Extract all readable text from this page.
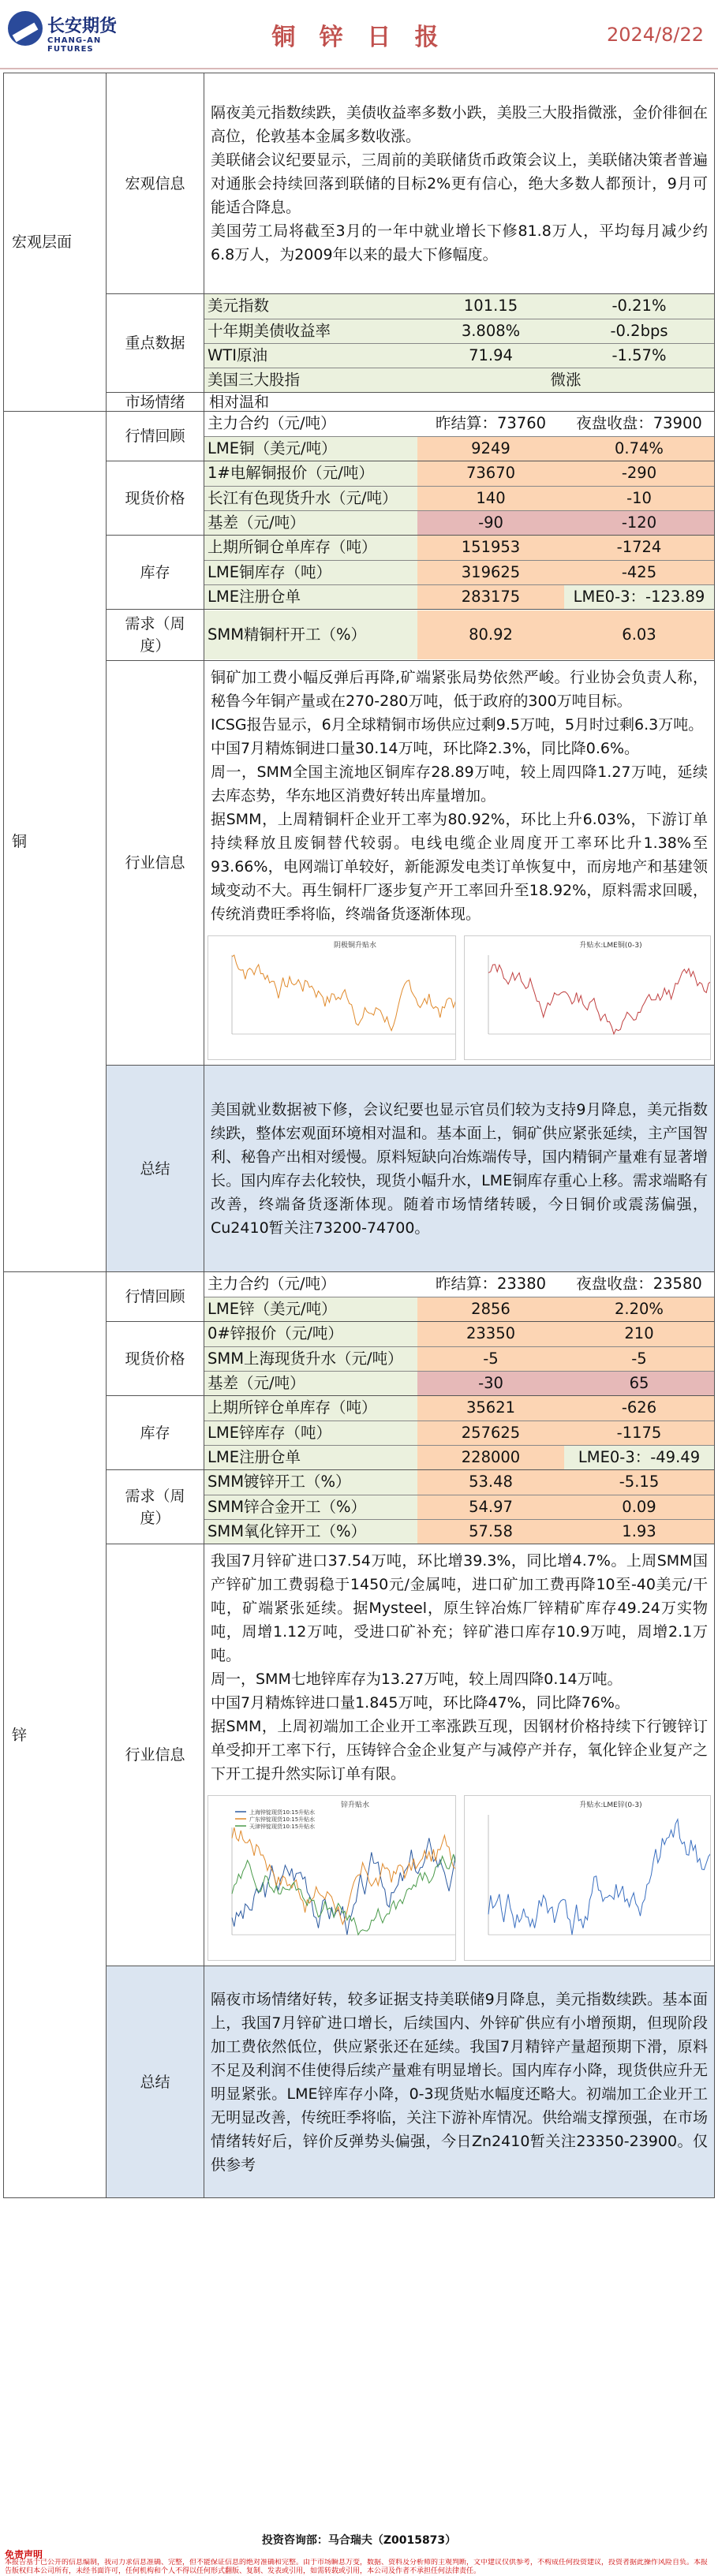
长安期货
CHANG-AN FUTURES	铜 锌 日 报	2024/8/22
宏观层面	宏观信息	隔夜美元指数续跌，美债收益率多数小跌，美股三大股指微涨，金价徘徊在高位，伦敦基本金属多数收涨。
美联储会议纪要显示，三周前的美联储货币政策会议上，美联储决策者普遍对通胀会持续回落到联储的目标2%更有信心，绝大多数人都预计，9月可能适合降息。
美国劳工局将截至3月的一年中就业增长下修81.8万人，平均每月减少约6.8万人，为2009年以来的最大下修幅度。
重点数据	
美元指数	101.15	-0.21%
十年期美债收益率	3.808%	-0.2bps
WTI原油	71.94	-1.57%
美国三大股指	微涨

市场情绪	相对温和
铜	行情回顾	
主力合约（元/吨）	昨结算：73760	夜盘收盘：73900
LME铜（美元/吨）	9249	0.74%

现货价格	
1#电解铜报价（元/吨）	73670	-290
长江有色现货升水（元/吨）	140	-10
基差（元/吨）	-90	-120

库存	
上期所铜仓单库存（吨）	151953	-1724
LME铜库存（吨）	319625	-425
LME注册仓单	283175	LME0-3：-123.89

需求（周度）	
SMM精铜杆开工（%）	80.92	6.03

行业信息	铜矿加工费小幅反弹后再降,矿端紧张局势依然严峻。行业协会负责人称，秘鲁今年铜产量或在270-280万吨，低于政府的300万吨目标。
ICSG报告显示，6月全球精铜市场供应过剩9.5万吨，5月时过剩6.3万吨。
中国7月精炼铜进口量30.14万吨，环比降2.3%，同比降0.6%。
周一，SMM全国主流地区铜库存28.89万吨，较上周四降1.27万吨，延续去库态势，华东地区消费好转出库量增加。
据SMM，上周精铜杆企业开工率为80.92%，环比上升6.03%，下游订单持续释放且废铜替代较弱。电线电缆企业周度开工率环比升1.38%至93.66%，电网端订单较好，新能源发电类订单恢复中，而房地产和基建领域变动不大。再生铜杆厂逐步复产开工率回升至18.92%，原料需求回暖，传统消费旺季将临，终端备货逐渐体现。

阴极铜升贴水	升贴水:LME铜(0-3)

总结	美国就业数据被下修，会议纪要也显示官员们较为支持9月降息，美元指数续跌，整体宏观面环境相对温和。基本面上，铜矿供应紧张延续，主产国智利、秘鲁产出相对缓慢。原料短缺向冶炼端传导，国内精铜产量难有显著增长。国内库存去化较快，现货小幅升水，LME铜库存重心上移。需求端略有改善，终端备货逐渐体现。随着市场情绪转暖，今日铜价或震荡偏强，Cu2410暂关注73200-74700。
锌	行情回顾	
主力合约（元/吨）	昨结算：23380	夜盘收盘：23580
LME锌（美元/吨）	2856	2.20%

现货价格	
0#锌报价（元/吨）	23350	210
SMM上海现货升水（元/吨）	-5	-5
基差（元/吨）	-30	65

库存	
上期所锌仓单库存（吨）	35621	-626
LME锌库存（吨）	257625	-1175
LME注册仓单	228000	LME0-3：-49.49

需求（周度）	
SMM镀锌开工（%）	53.48	-5.15
SMM锌合金开工（%）	54.97	0.09
SMM氧化锌开工（%）	57.58	1.93

行业信息	我国7月锌矿进口37.54万吨，环比增39.3%，同比增4.7%。上周SMM国产锌矿加工费弱稳于1450元/金属吨，进口矿加工费再降10至-40美元/干吨，矿端紧张延续。据Mysteel，原生锌冶炼厂锌精矿库存49.24万实物吨，周增1.12万吨，受进口矿补充；锌矿港口库存10.9万吨，周增2.1万吨。
周一，SMM七地锌库存为13.27万吨，较上周四降0.14万吨。
中国7月精炼锌进口量1.845万吨，环比降47%，同比降76%。
据SMM，上周初端加工企业开工率涨跌互现，因钢材价格持续下行镀锌订单受抑开工率下行，压铸锌合金企业复产与减停产并存，氧化锌企业复产之下开工提升然实际订单有限。

锌升贴水
上海锌锭现货10:15升贴水
广东锌锭现货10:15升贴水
天津锌锭现货10:15升贴水
升贴水:LME锌(0-3)

总结	隔夜市场情绪好转，较多证据支持美联储9月降息，美元指数续跌。基本面上，我国7月锌矿进口增长，后续国内、外锌矿供应有小增预期，但现阶段加工费依然低位，供应紧张还在延续。我国7月精锌产量超预期下滑，原料不足及利润不佳使得后续产量难有明显增长。国内库存小降，现货供应升无明显紧张。LME锌库存小降，0-3现货贴水幅度还略大。初端加工企业开工无明显改善，传统旺季将临，关注下游补库情况。供给端支撑预强，在市场情绪转好后，锌价反弹势头偏强，今日Zn2410暂关注23350-23900。仅供参考
投资咨询部：马合瑞夫（Z0015873）
免责声明
本报告基于已公开的信息编制，我司力求信息准确、完整，但不能保证信息的绝对准确和完整。由于市场瞬息万变，数据、资料及分析师的主观判断，文中建议仅供参考，不构成任何投资建议，投资者据此操作风险自负。本报告版权归本公司所有，未经书面许可，任何机构和个人不得以任何形式翻版、复制、发表或引用，如需转载或引用，本公司及作者不承担任何法律责任。
